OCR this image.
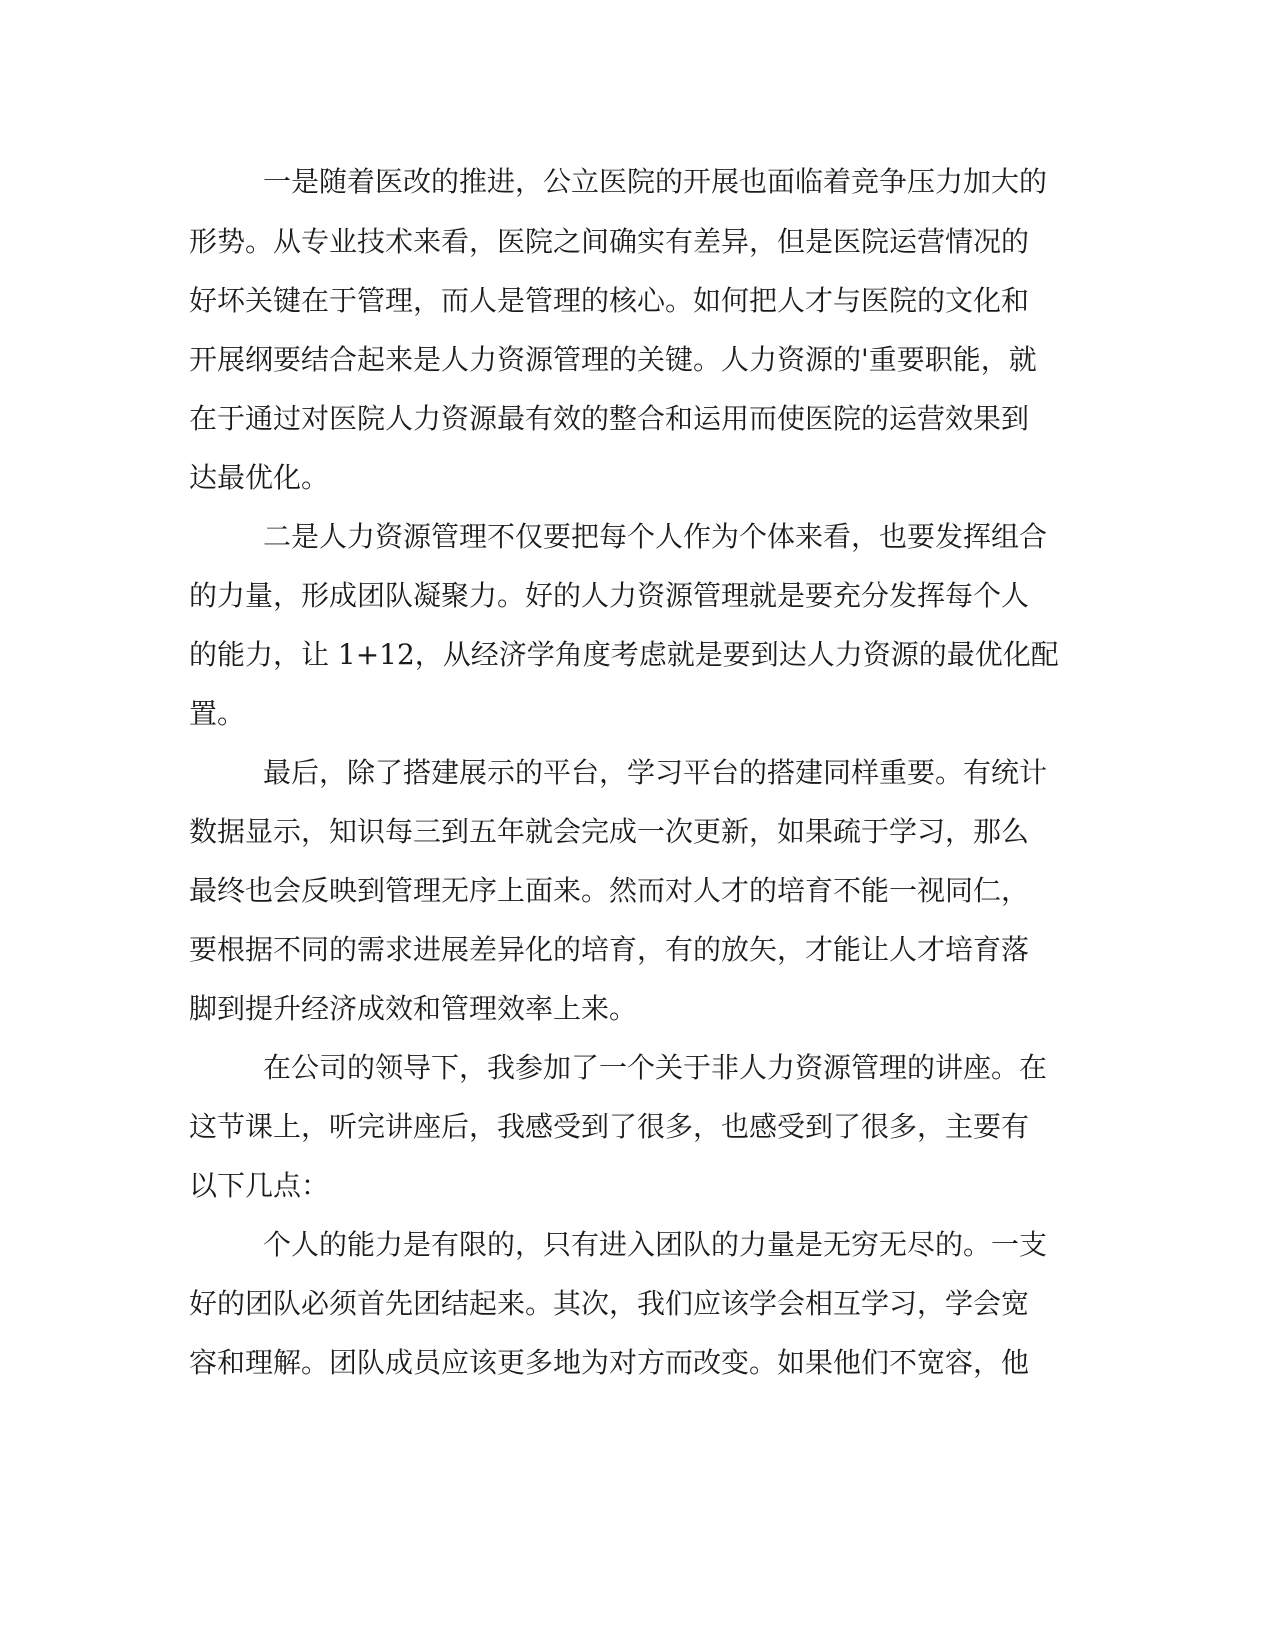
一是随着医改的推进，公立医院的开展也面临着竞争压力加大的

形势。从专业技术来看，医院之间确实有差异，但是医院运营情况的

好坏关键在于管理，而人是管理的核心。如何把人才与医院的文化和

开展纲要结合起来是人力资源管理的关键。人力资源的'重要职能，就

在于通过对医院人力资源最有效的整合和运用而使医院的运营效果到

达最优化。

二是人力资源管理不仅要把每个人作为个体来看，也要发挥组合

的力量，形成团队凝聚力。好的人力资源管理就是要充分发挥每个人

的能力，让 1+12，从经济学角度考虑就是要到达人力资源的最优化配

置。

最后，除了搭建展示的平台，学习平台的搭建同样重要。有统计

数据显示，知识每三到五年就会完成一次更新，如果疏于学习，那么

最终也会反映到管理无序上面来。然而对人才的培育不能一视同仁，

要根据不同的需求进展差异化的培育，有的放矢，才能让人才培育落

脚到提升经济成效和管理效率上来。

在公司的领导下，我参加了一个关于非人力资源管理的讲座。在

这节课上，听完讲座后，我感受到了很多，也感受到了很多，主要有

以下几点：

个人的能力是有限的，只有进入团队的力量是无穷无尽的。一支

好的团队必须首先团结起来。其次，我们应该学会相互学习，学会宽

容和理解。团队成员应该更多地为对方而改变。如果他们不宽容，他
